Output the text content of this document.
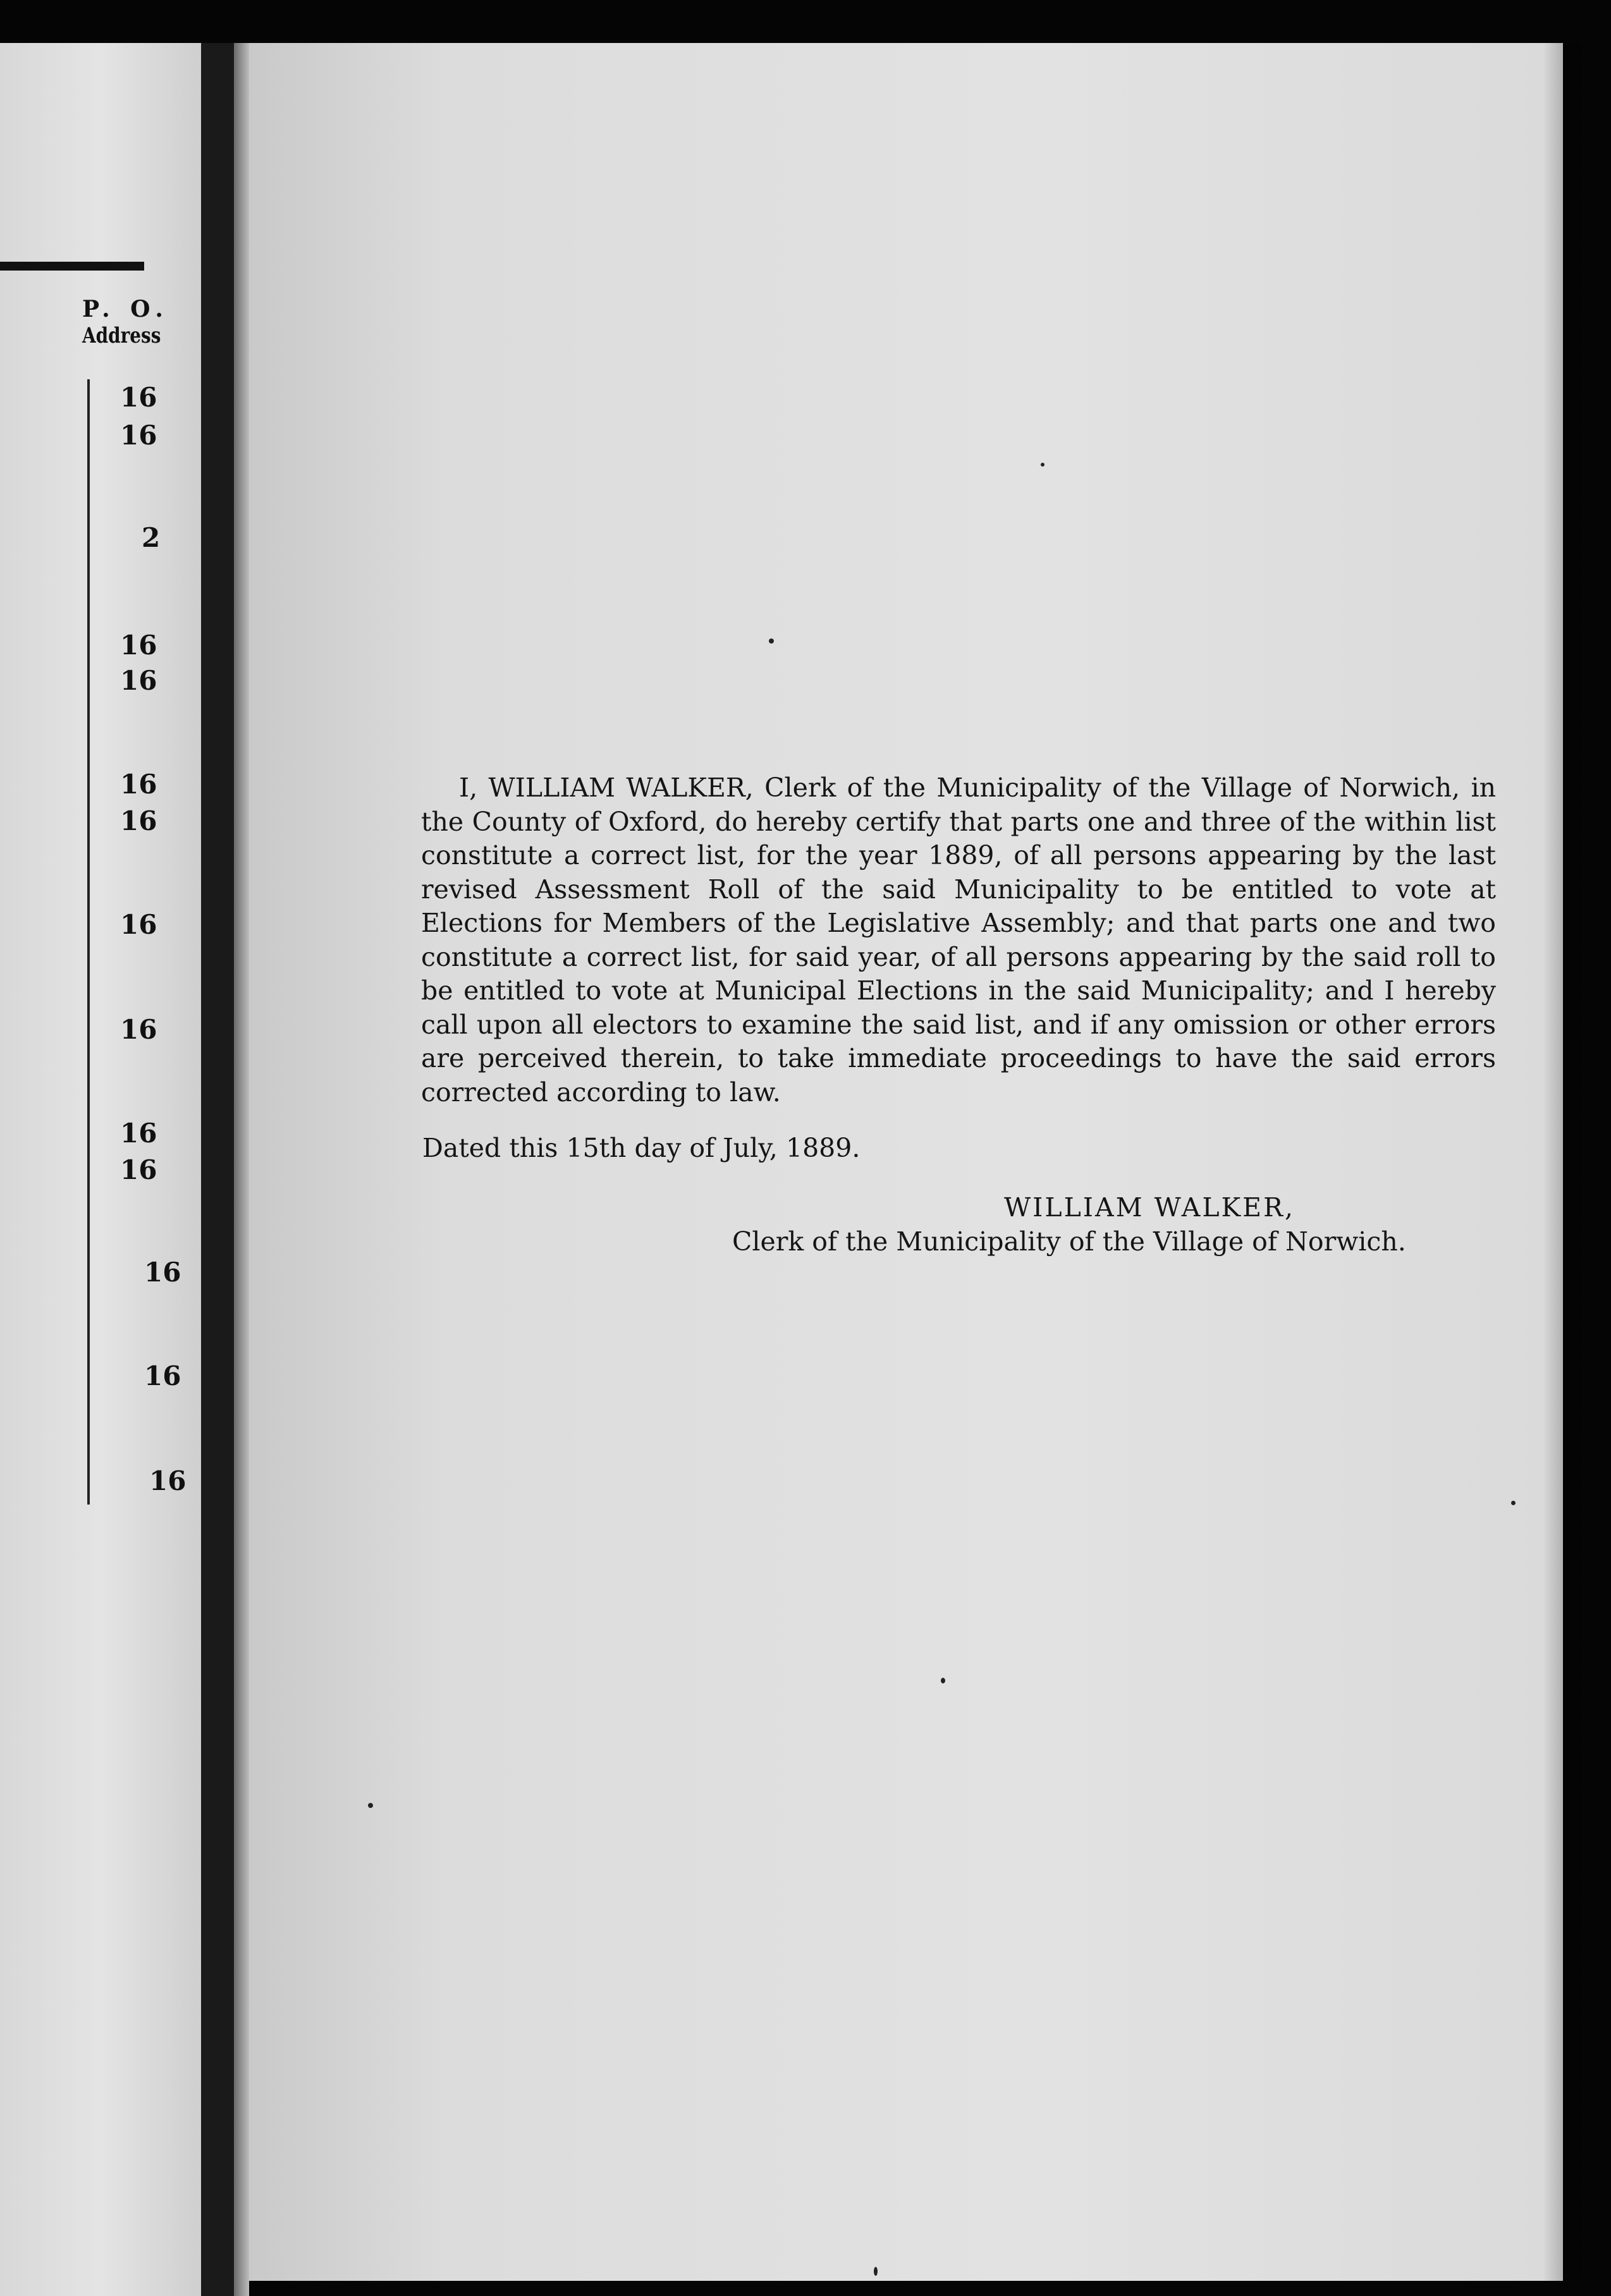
P. O.
Address
16
16
2
16
16
16
16
16
16
16
16
16
16
16

I, WILLIAM WALKER, Clerk of the Municipality of the Village of Norwich, in the County of Oxford, do hereby certify that parts one and three of the within list constitute a correct list, for the year 1889, of all persons appearing by the last revised Assessment Roll of the said Municipality to be entitled to vote at Elections for Members of the Legislative Assembly; and that parts one and two constitute a correct list, for said year, of all persons appearing by the said roll to be entitled to vote at Municipal Elections in the said Municipality; and I hereby call upon all electors to examine the said list, and if any omission or other errors are perceived therein, to take immediate proceedings to have the said errors corrected according to law.

Dated this 15th day of July, 1889.
WILLIAM WALKER,
Clerk of the Municipality of the Village of Norwich.
